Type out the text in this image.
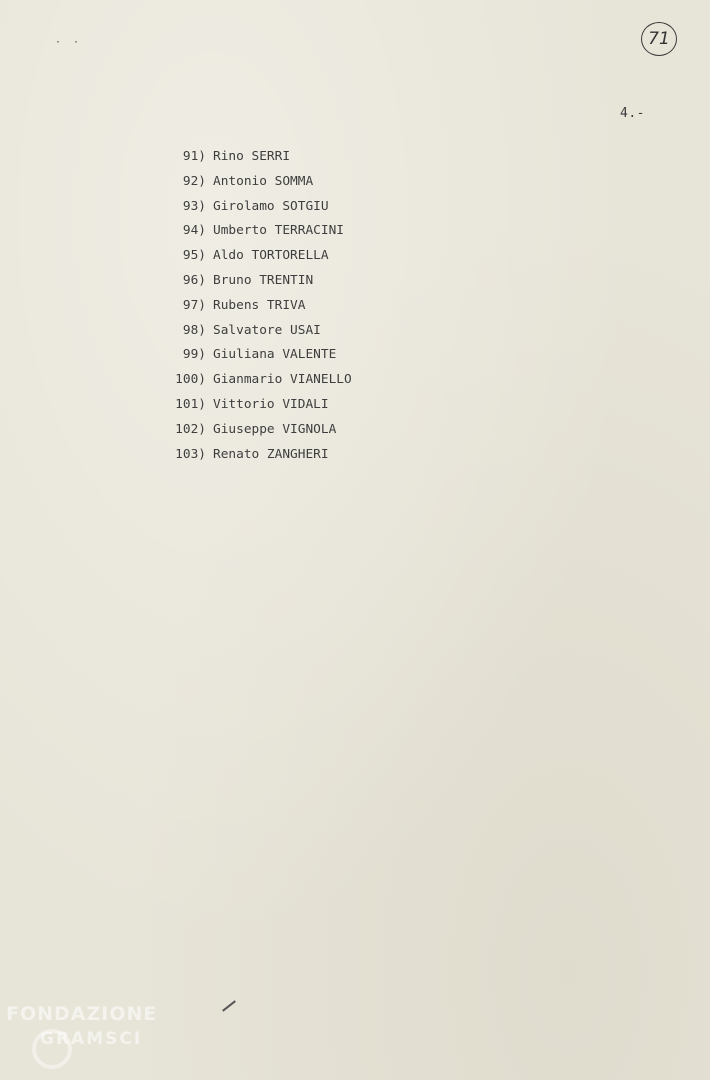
· ·	71
4.-
91) Rino SERRI
92) Antonio SOMMA
93) Girolamo SOTGIU
94) Umberto TERRACINI
95) Aldo TORTORELLA
96) Bruno TRENTIN
97) Rubens TRIVA
98) Salvatore USAI
99) Giuliana VALENTE
100) Gianmario VIANELLO
101) Vittorio VIDALI
102) Giuseppe VIGNOLA
103) Renato ZANGHERI
FONDAZIONE
GRAMSCI
